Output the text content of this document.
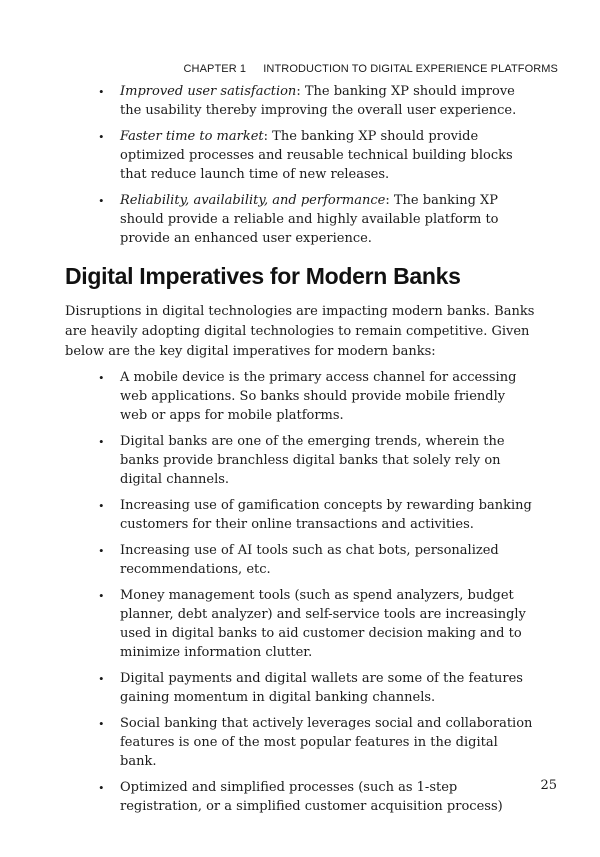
CHAPTER 1 INTRODUCTION TO DIGITAL EXPERIENCE PLATFORMS
• Improved user satisfaction: The banking XP should improve the usability thereby improving the overall user experience.
• Faster time to market: The banking XP should provide optimized processes and reusable technical building blocks that reduce launch time of new releases.
• Reliability, availability, and performance: The banking XP should provide a reliable and highly available platform to provide an enhanced user experience.
Digital Imperatives for Modern Banks

Disruptions in digital technologies are impacting modern banks. Banks are heavily adopting digital technologies to remain competitive. Given below are the key digital imperatives for modern banks:

• A mobile device is the primary access channel for accessing web applications. So banks should provide mobile friendly web or apps for mobile platforms.
• Digital banks are one of the emerging trends, wherein the banks provide branchless digital banks that solely rely on digital channels.
• Increasing use of gamification concepts by rewarding banking customers for their online transactions and activities.
• Increasing use of AI tools such as chat bots, personalized recommendations, etc.
• Money management tools (such as spend analyzers, budget planner, debt analyzer) and self-service tools are increasingly used in digital banks to aid customer decision making and to minimize information clutter.
• Digital payments and digital wallets are some of the features gaining momentum in digital banking channels.
• Social banking that actively leverages social and collaboration features is one of the most popular features in the digital bank.
• Optimized and simplified processes (such as 1-step registration, or a simplified customer acquisition process)
25
